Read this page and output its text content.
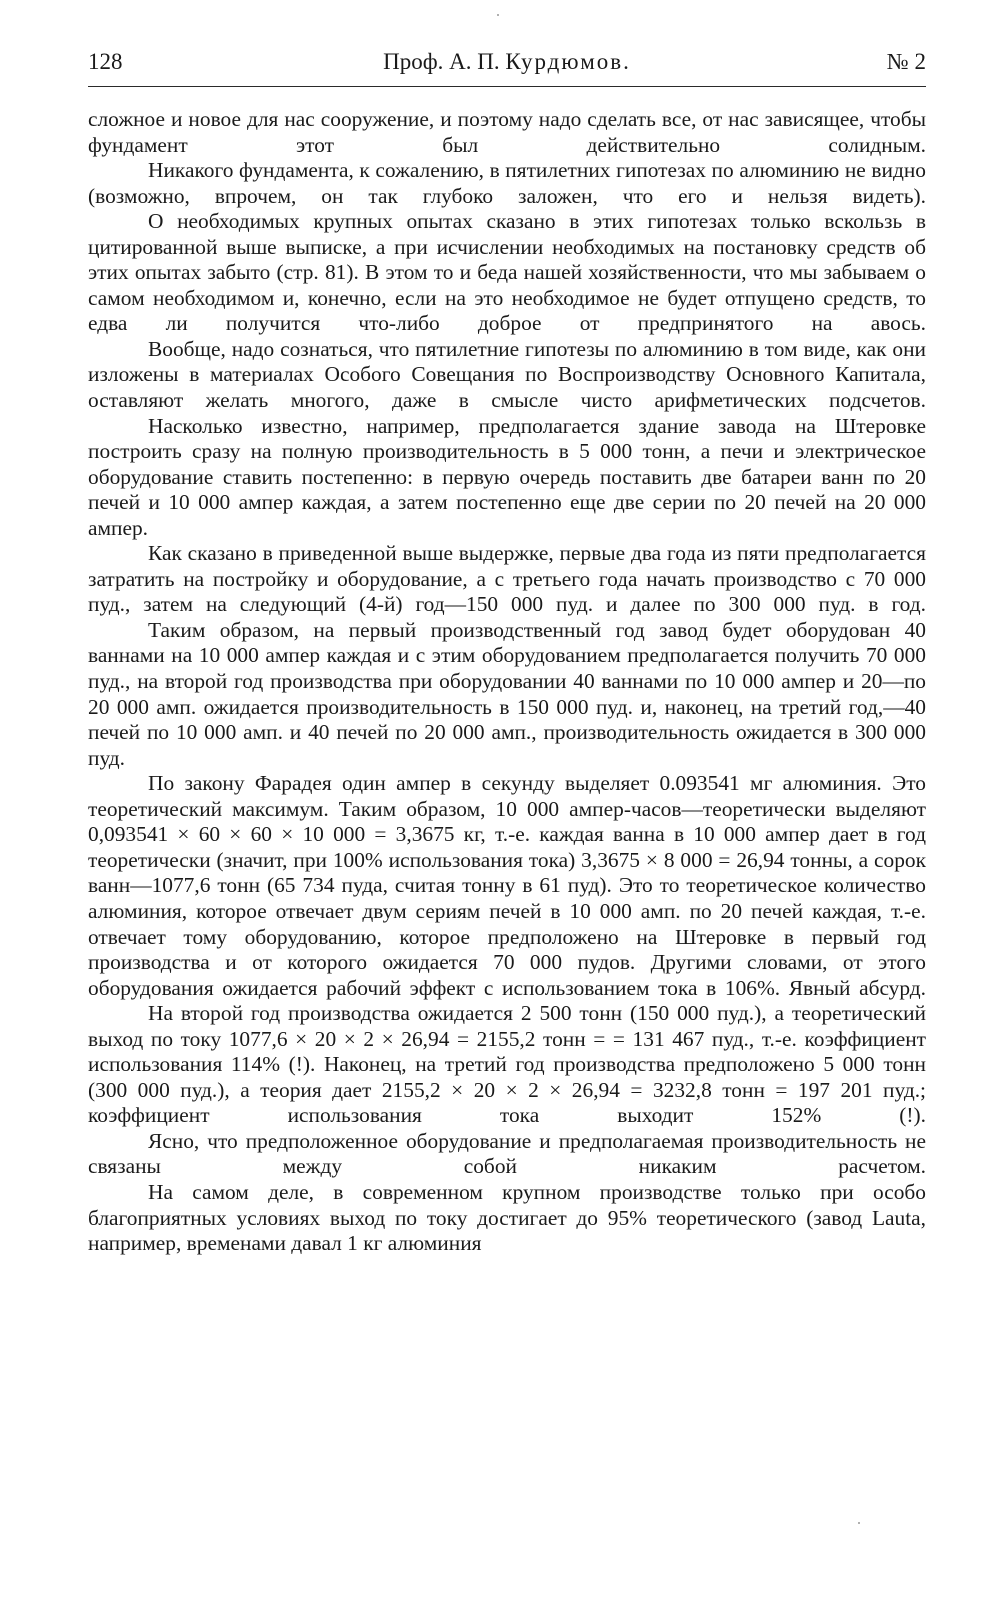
128	Проф. А. П. Курдюмов.	№ 2

сложное и новое для нас сооружение, и поэтому надо сделать все, от нас зависящее, чтобы фундамент этот был действительно солидным.

Никакого фундамента, к сожалению, в пятилетних гипотезах по алюминию не видно (возможно, впрочем, он так глубоко заложен, что его и нельзя видеть).

О необходимых крупных опытах сказано в этих гипотезах только вскользь в цитированной выше выписке, а при исчислении необходимых на постановку средств об этих опытах забыто (стр. 81). В этом то и беда нашей хозяйственности, что мы забываем о самом необходимом и, конечно, если на это необходимое не будет отпущено средств, то едва ли получится что-либо доброе от предпринятого на авось.

Вообще, надо сознаться, что пятилетние гипотезы по алюминию в том виде, как они изложены в материалах Особого Совещания по Воспроизводству Основного Капитала, оставляют желать многого, даже в смысле чисто арифметических подсчетов.

Насколько известно, например, предполагается здание завода на Штеровке построить сразу на полную производительность в 5 000 тонн, а печи и электрическое оборудование ставить постепенно: в первую очередь поставить две батареи ванн по 20 печей и 10 000 ампер каждая, а затем постепенно еще две серии по 20 печей на 20 000 ампер.

Как сказано в приведенной выше выдержке, первые два года из пяти предполагается затратить на постройку и оборудование, а с третьего года начать производство с 70 000 пуд., затем на следующий (4-й) год—150 000 пуд. и далее по 300 000 пуд. в год.

Таким образом, на первый производственный год завод будет оборудован 40 ваннами на 10 000 ампер каждая и с этим оборудованием предполагается получить 70 000 пуд., на второй год производства при оборудовании 40 ваннами по 10 000 ампер и 20—по 20 000 амп. ожидается производительность в 150 000 пуд. и, наконец, на третий год,—40 печей по 10 000 амп. и 40 печей по 20 000 амп., производительность ожидается в 300 000 пуд.

По закону Фарадея один ампер в секунду выделяет 0.093541 мг алюминия. Это теоретический максимум. Таким образом, 10 000 ампер-часов—теоретически выделяют 0,093541 × 60 × 60 × 10 000 = 3,3675 кг, т.-е. каждая ванна в 10 000 ампер дает в год теоретически (значит, при 100% использования тока) 3,3675 × 8 000 = 26,94 тонны, а сорок ванн—1077,6 тонн (65 734 пуда, считая тонну в 61 пуд). Это то теоретическое количество алюминия, которое отвечает двум сериям печей в 10 000 амп. по 20 печей каждая, т.-е. отвечает тому оборудованию, которое предположено на Штеровке в первый год производства и от которого ожидается 70 000 пудов. Другими словами, от этого оборудования ожидается рабочий эффект с использованием тока в 106%. Явный абсурд.

На второй год производства ожидается 2 500 тонн (150 000 пуд.), а теоретический выход по току 1077,6 × 20 × 2 × 26,94 = 2155,2 тонн = = 131 467 пуд., т.-е. коэффициент использования 114% (!). Наконец, на третий год производства предположено 5 000 тонн (300 000 пуд.), а теория дает 2155,2 × 20 × 2 × 26,94 = 3232,8 тонн = 197 201 пуд.; коэффициент использования тока выходит 152% (!).

Ясно, что предположенное оборудование и предполагаемая производительность не связаны между собой никаким расчетом.

На самом деле, в современном крупном производстве только при особо благоприятных условиях выход по току достигает до 95% теоретического (завод Lauta, например, временами давал 1 кг алюминия
